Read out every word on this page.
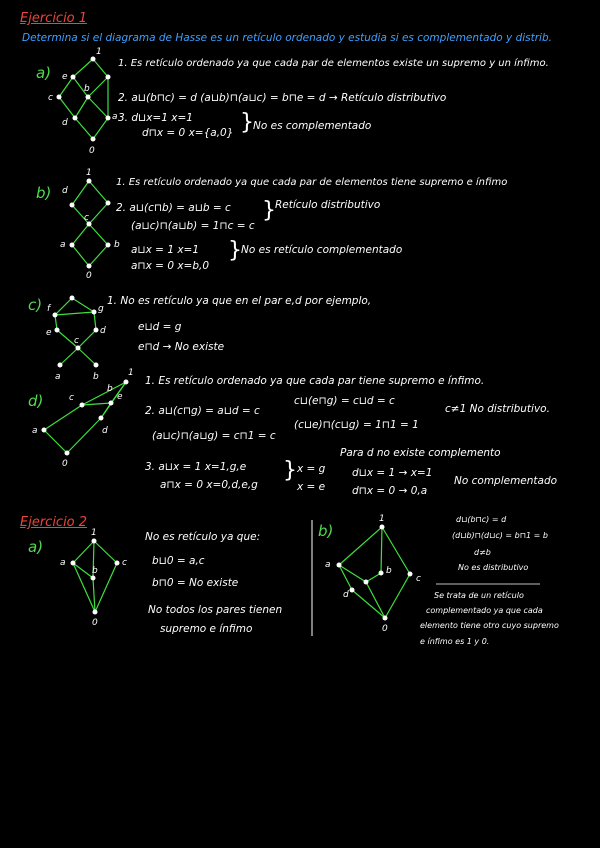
Ejercicio 1
Determina si el diagrama de Hasse es un retículo ordenado y estudia si es complementado y distrib.
a)
1
e
b
c
d
a
0
1. Es retículo ordenado ya que cada par de elementos existe un supremo y un ínfimo.
2. a⊔(b⊓c) = d (a⊔b)⊓(a⊔c) = b⊓e = d → Retículo distributivo
3. d⊔x=1 x=1
d⊓x = 0 x={a,0} } No es complementado
b)
1
d
c
a	b
0
1. Es retículo ordenado ya que cada par de elementos tiene supremo e ínfimo
2. a⊔(c⊓b) = a⊔b = c
(a⊔c)⊓(a⊔b) = 1⊓c = c
} Retículo distributivo
a⊔x = 1 x=1
a⊓x = 0 x=b,0
} No es retículo complementado
c) f	g
e	d
c
a	b
1. No es retículo ya que en el par e,d por ejemplo,
e⊔d = g
e⊓d → No existe
d)
1
c	e
b
a	d
0
1. Es retículo ordenado ya que cada par tiene supremo e ínfimo.
2. a⊔(c⊓g) = a⊔d = c
(a⊔c)⊓(a⊔g) = c⊓1 = c
c⊔(e⊓g) = c⊔d = c
(c⊔e)⊓(c⊔g) = 1⊓1 = 1
c≠1 No distributivo.
3. a⊔x = 1 x=1,g,e
a⊓x = 0 x=0,d,e,g
} x = g
x = e
Para d no existe complemento
d⊔x = 1 → x=1
d⊓x = 0 → 0,a
No complementado
Ejercicio 2
a)
1
a
b
c
0
No es retículo ya que:
b⊔0 = a,c
b⊓0 = No existe
No todos los pares tienen
supremo e ínfimo
b)
1
a
b
d
c
0
d⊔(b⊓c) = d
(d⊔b)⊓(d⊔c) = b⊓1 = b
d≠b
No es distributivo
Se trata de un retículo
complementado ya que cada
elemento tiene otro cuyo supremo
e ínfimo es 1 y 0.
